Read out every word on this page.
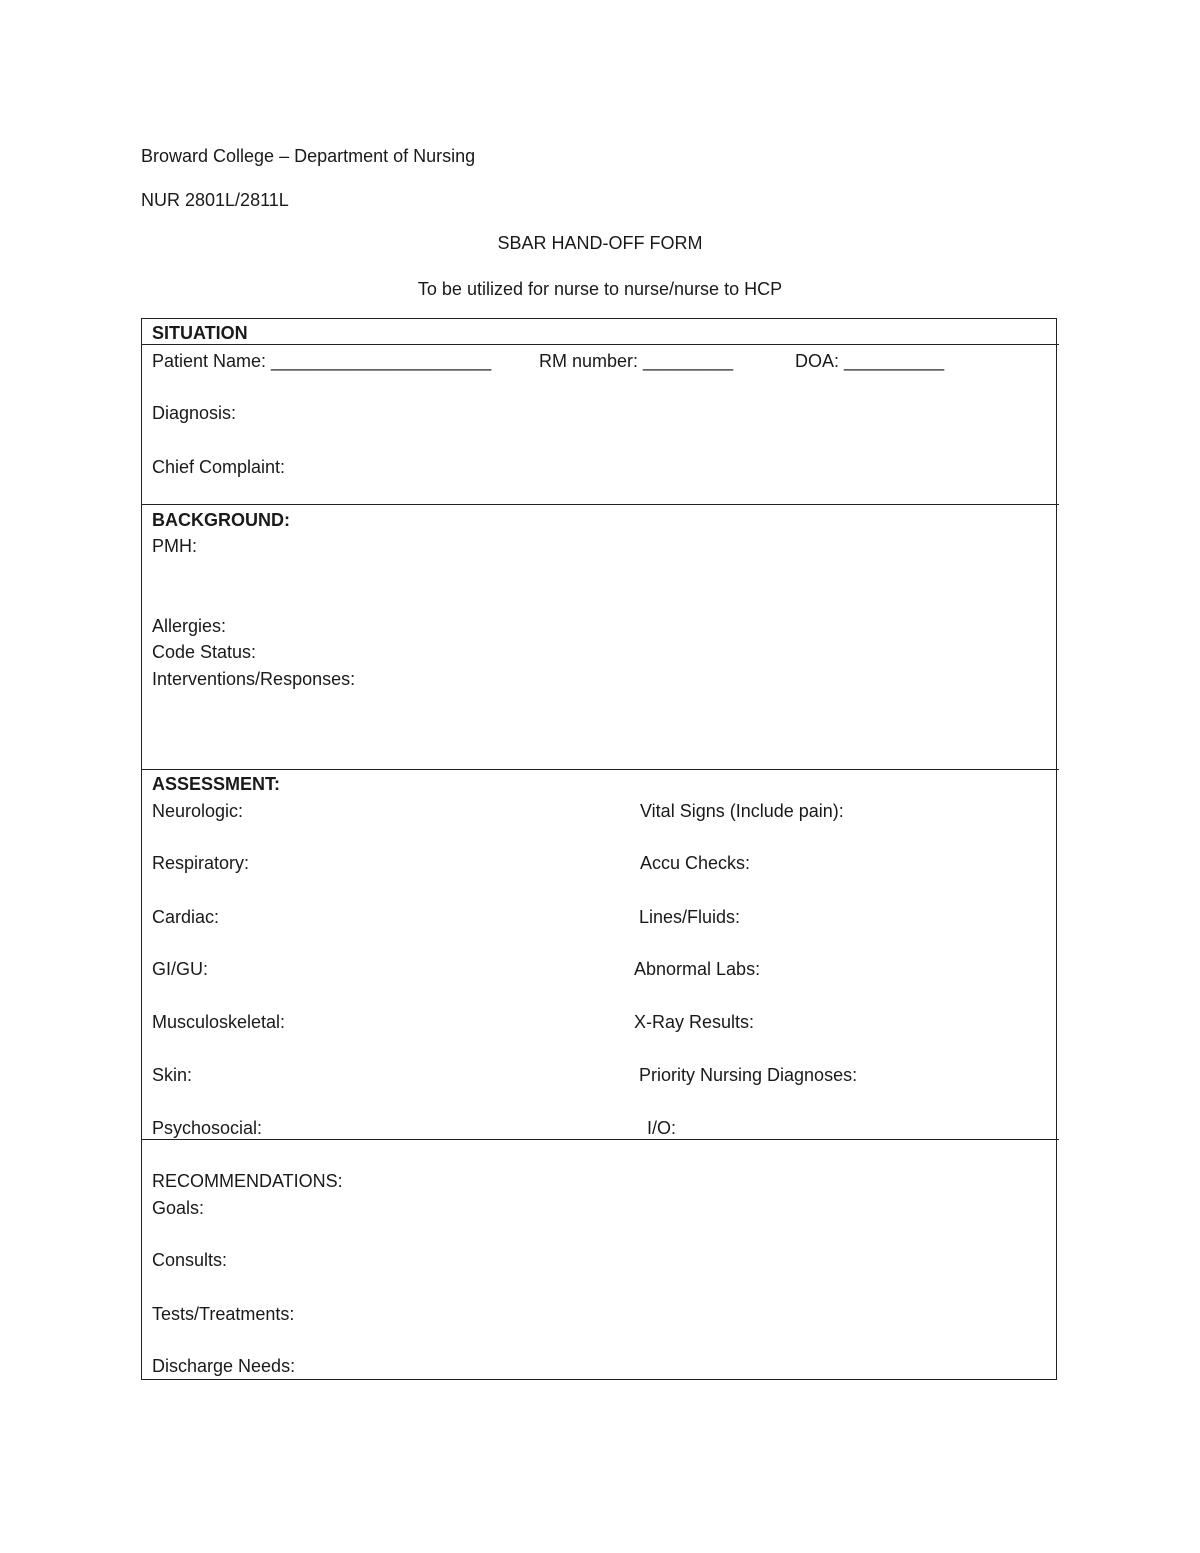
Broward College – Department of Nursing
NUR 2801L/2811L
SBAR HAND-OFF FORM
To be utilized for nurse to nurse/nurse to HCP
SITUATION
Patient Name: ______________________	RM number: _________	DOA: __________
Diagnosis:
Chief Complaint:
BACKGROUND:
PMH:
Allergies:
Code Status:
Interventions/Responses:
ASSESSMENT:
Neurologic:
Respiratory:
Cardiac:
GI/GU:
Musculoskeletal:
Skin:
Psychosocial:
Vital Signs (Include pain):
Accu Checks:
Lines/Fluids:
Abnormal Labs:
X-Ray Results:
Priority Nursing Diagnoses:
I/O:
RECOMMENDATIONS:
Goals:
Consults:
Tests/Treatments:
Discharge Needs:
